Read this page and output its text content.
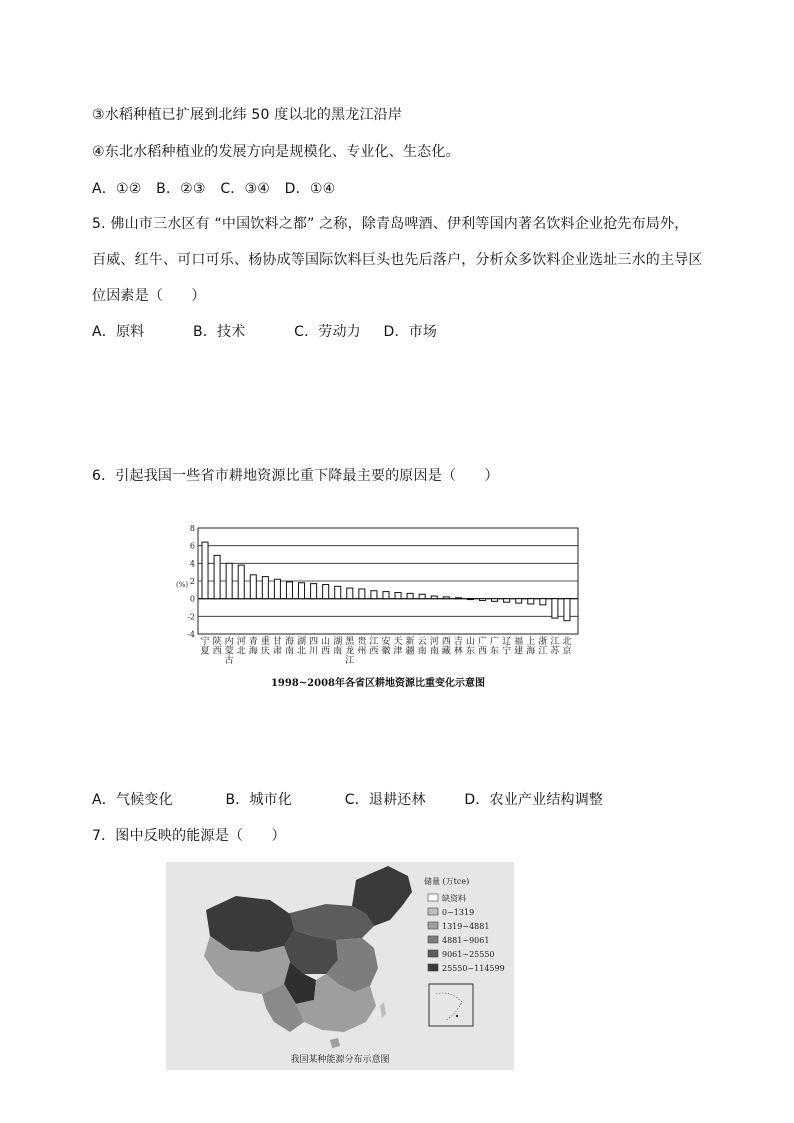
③水稻种植已扩展到北纬 50 度以北的黑龙江沿岸
④东北水稻种植业的发展方向是规模化、专业化、生态化。
A．①② B．②③ C．③④ D．①④
5. 佛山市三水区有 “中国饮料之都” 之称，除青岛啤酒、伊利等国内著名饮料企业抢先布局外，
百威、红牛、可口可乐、杨协成等国际饮料巨头也先后落户，分析众多饮料企业选址三水的主导区
位因素是（　　）
A．原料	B．技术	C．劳动力 D．市场
6．引起我国一些省市耕地资源比重下降最主要的原因是（　　）
8
6
4
2
0
-2
-4
(%)
宁夏
陕西
内蒙古
河北
青海
重庆
甘肃
海南
湖北
四川
山西
湖南
黑龙江
贵州
江西
安徽
天津
新疆
云南
河南
西藏
吉林
山东
广西
广东
辽宁
福建
上海
浙江
江苏
北京
1998~2008年各省区耕地资源比重变化示意图
A．气候变化	B．城市化	C．退耕还林	D．农业产业结构调整
7．图中反映的能源是（　　）
储量 (万tce)
缺资料
0~1319
1319~4881
4881~9061
9061~25550
25550~114599
我国某种能源分布示意图
